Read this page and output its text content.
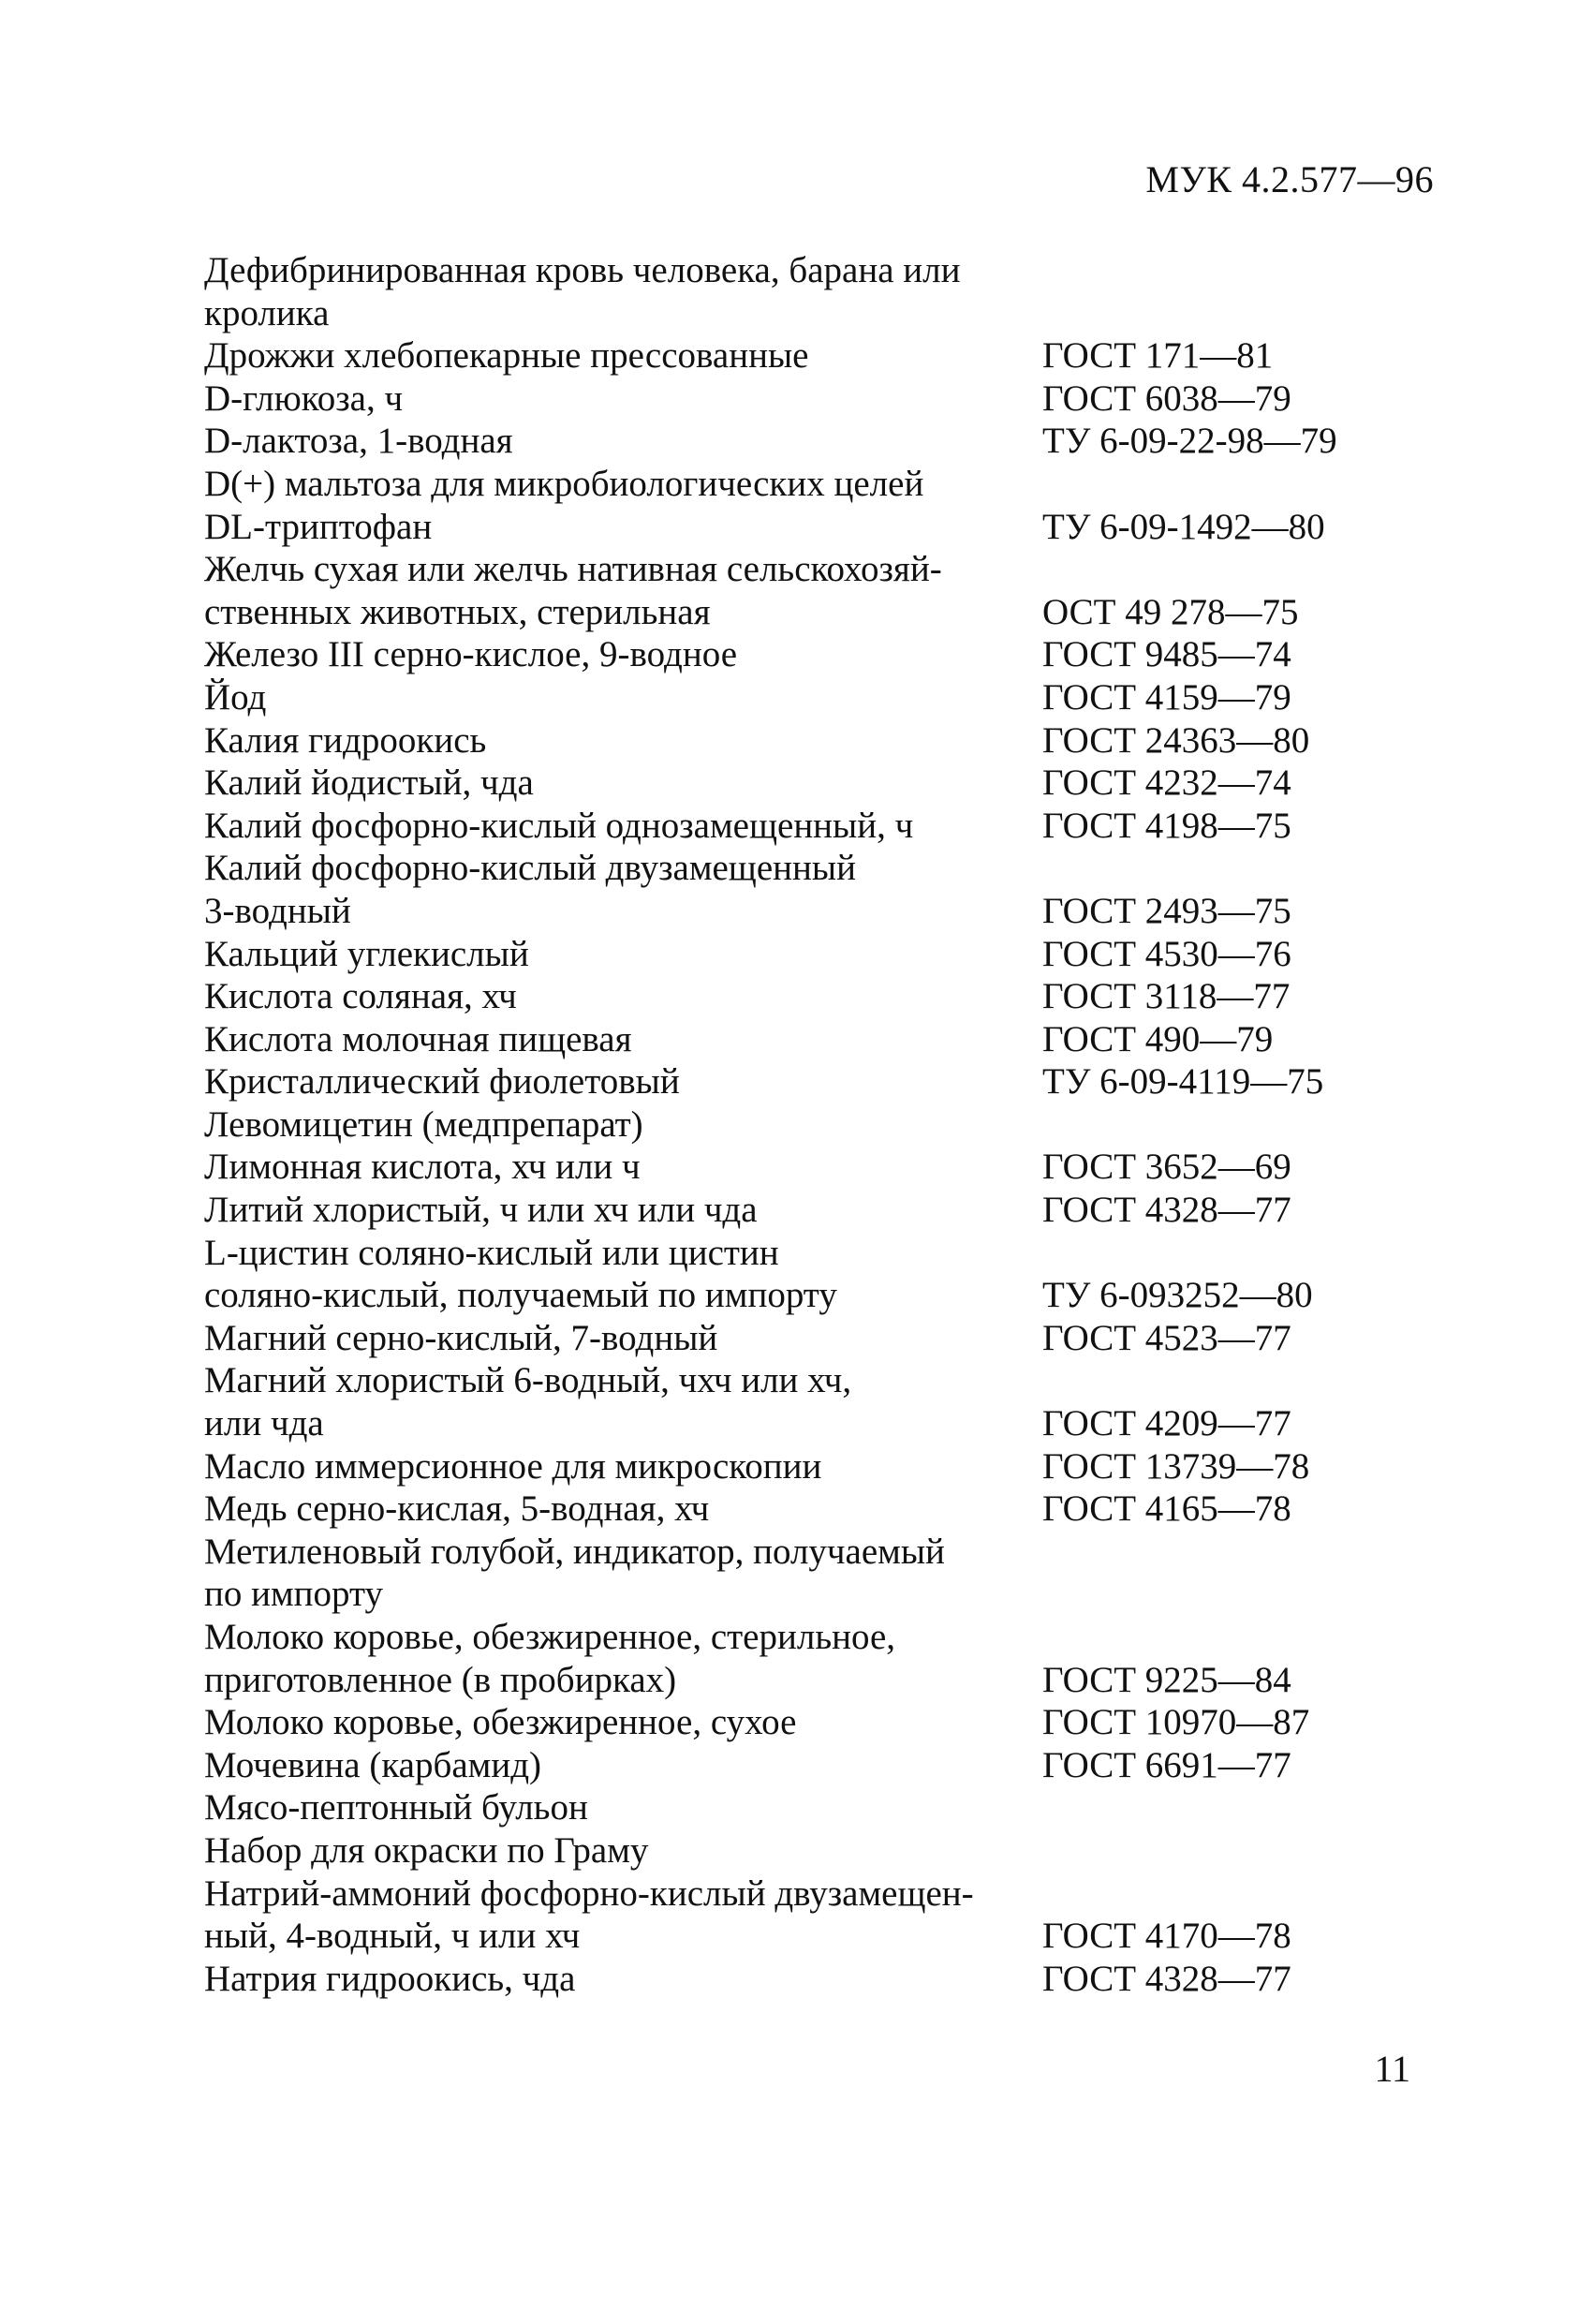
МУК 4.2.577—96
Дефибринированная кровь человека, барана или
кролика
Дрожжи хлебопекарные прессованные	ГОСТ 171—81
D-глюкоза, ч	ГОСТ 6038—79
D-лактоза, 1-водная	ТУ 6-09-22-98—79
D(+) мальтоза для микробиологических целей
DL-триптофан	ТУ 6-09-1492—80
Желчь сухая или желчь нативная сельскохозяй-
ственных животных, стерильная	ОСТ 49 278—75
Железо III серно-кислое, 9-водное	ГОСТ 9485—74
Йод	ГОСТ 4159—79
Калия гидроокись	ГОСТ 24363—80
Калий йодистый, чда	ГОСТ 4232—74
Калий фосфорно-кислый однозамещенный, ч	ГОСТ 4198—75
Калий фосфорно-кислый двузамещенный
3-водный	ГОСТ 2493—75
Кальций углекислый	ГОСТ 4530—76
Кислота соляная, хч	ГОСТ 3118—77
Кислота молочная пищевая	ГОСТ 490—79
Кристаллический фиолетовый	ТУ 6-09-4119—75
Левомицетин (медпрепарат)
Лимонная кислота, хч или ч	ГОСТ 3652—69
Литий хлористый, ч или хч или чда	ГОСТ 4328—77
L-цистин соляно-кислый или цистин
соляно-кислый, получаемый по импорту	ТУ 6-093252—80
Магний серно-кислый, 7-водный	ГОСТ 4523—77
Магний хлористый 6-водный, чхч или хч,
или чда	ГОСТ 4209—77
Масло иммерсионное для микроскопии	ГОСТ 13739—78
Медь серно-кислая, 5-водная, хч	ГОСТ 4165—78
Метиленовый голубой, индикатор, получаемый
по импорту
Молоко коровье, обезжиренное, стерильное,
приготовленное (в пробирках)	ГОСТ 9225—84
Молоко коровье, обезжиренное, сухое	ГОСТ 10970—87
Мочевина (карбамид)	ГОСТ 6691—77
Мясо-пептонный бульон
Набор для окраски по Граму
Натрий-аммоний фосфорно-кислый двузамещен-
ный, 4-водный, ч или хч	ГОСТ 4170—78
Натрия гидроокись, чда	ГОСТ 4328—77
11
